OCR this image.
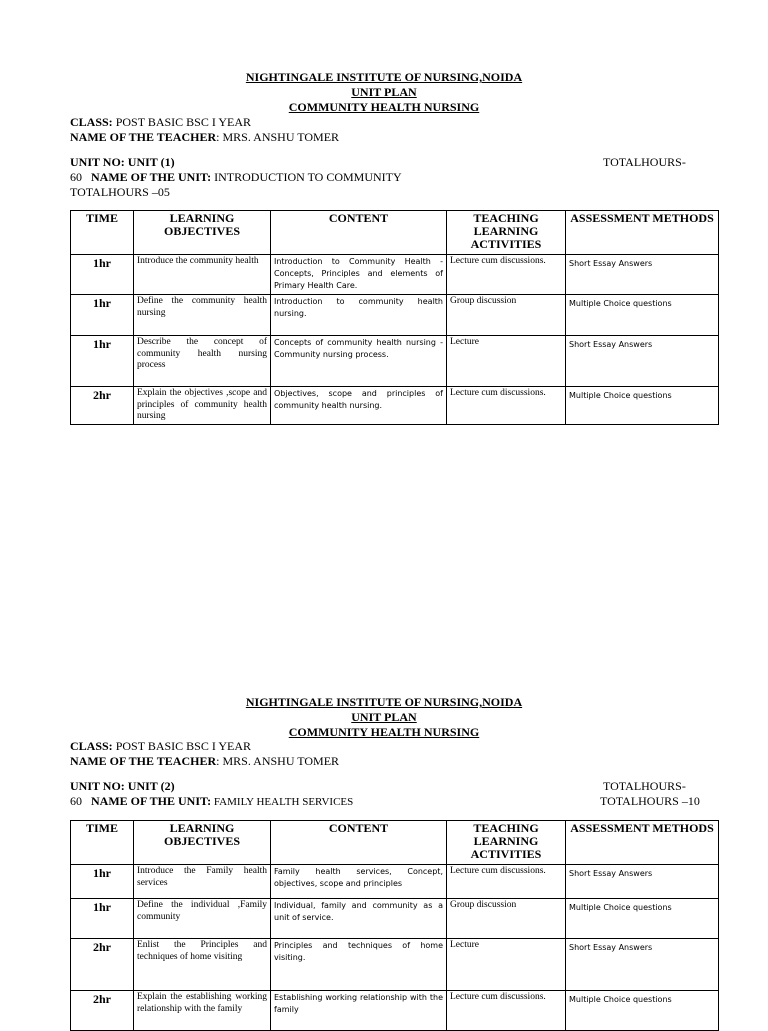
NIGHTINGALE INSTITUTE OF NURSING,NOIDA
UNIT PLAN
COMMUNITY HEALTH NURSING
CLASS: POST BASIC BSC I YEAR
NAME OF THE TEACHER: MRS. ANSHU TOMER
UNIT NO: UNIT (1)	TOTALHOURS-
60 NAME OF THE UNIT: INTRODUCTION TO COMMUNITY
TOTALHOURS –05
TIME	LEARNING OBJECTIVES	CONTENT	TEACHING LEARNING ACTIVITIES	ASSESSMENT METHODS
1hr	Introduce the community health	Introduction to Community Health - Concepts, Principles and elements of Primary Health Care.	Lecture cum discussions.	Short Essay Answers
1hr	Define the community health nursing	Introduction to community health nursing.	Group discussion	Multiple Choice questions
1hr	Describe the concept of community health nursing process	Concepts of community health nursing - Community nursing process.	Lecture	Short Essay Answers
2hr	Explain the objectives ,scope and principles of community health nursing	Objectives, scope and principles of community health nursing.	Lecture cum discussions.	Multiple Choice questions
NIGHTINGALE INSTITUTE OF NURSING,NOIDA
UNIT PLAN
COMMUNITY HEALTH NURSING
CLASS: POST BASIC BSC I YEAR
NAME OF THE TEACHER: MRS. ANSHU TOMER
UNIT NO: UNIT (2)	TOTALHOURS-
60 NAME OF THE UNIT: FAMILY HEALTH SERVICES	TOTALHOURS –10
TIME	LEARNING OBJECTIVES	CONTENT	TEACHING LEARNING ACTIVITIES	ASSESSMENT METHODS
1hr	Introduce the Family health services	Family health services, Concept, objectives, scope and principles	Lecture cum discussions.	Short Essay Answers
1hr	Define the individual ,Family community	Individual, family and community as a unit of service.	Group discussion	Multiple Choice questions
2hr	Enlist the Principles and techniques of home visiting	Principles and techniques of home visiting.	Lecture	Short Essay Answers
2hr	Explain the establishing working relationship with the family	Establishing working relationship with the family	Lecture cum discussions.	Multiple Choice questions
